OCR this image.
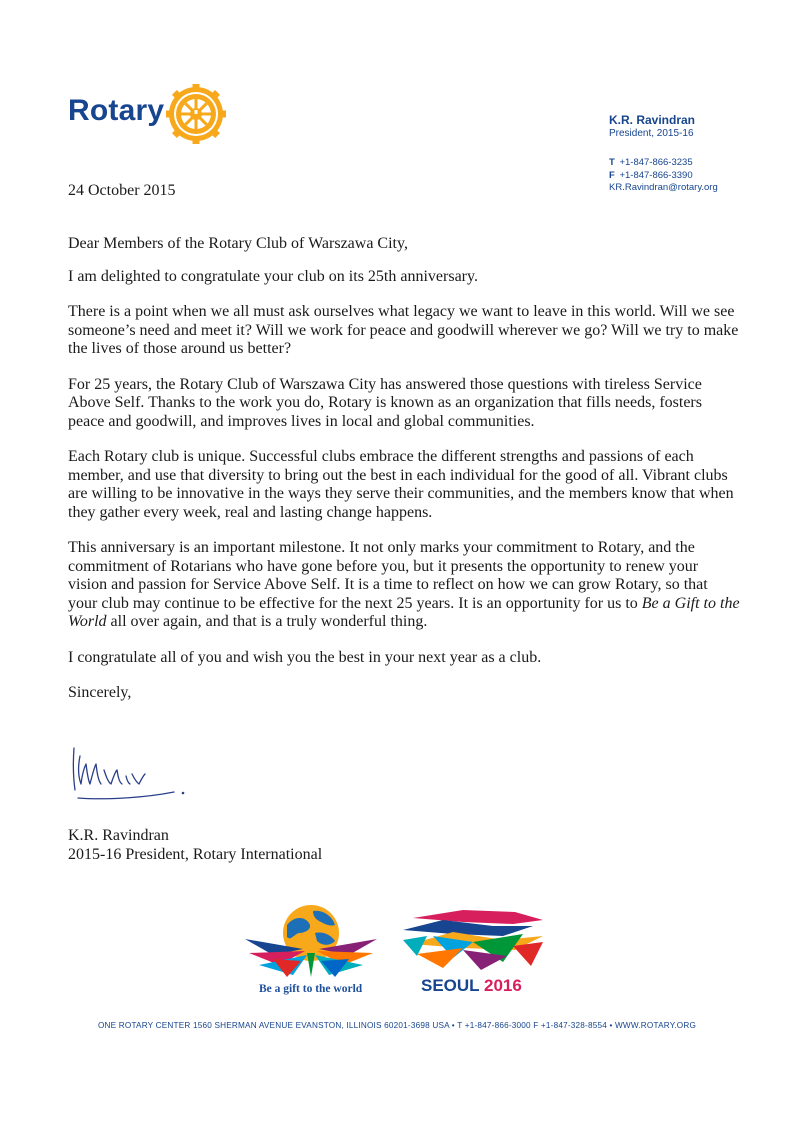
Rotary	K.R. Ravindran
President, 2015-16
T +1-847-866-3235
F +1-847-866-3390
KR.Ravindran@rotary.org
24 October 2015

Dear Members of the Rotary Club of Warszawa City,

I am delighted to congratulate your club on its 25th anniversary.

There is a point when we all must ask ourselves what legacy we want to leave in this world. Will we see someone’s need and meet it? Will we work for peace and goodwill wherever we go? Will we try to make the lives of those around us better?

For 25 years, the Rotary Club of Warszawa City has answered those questions with tireless Service Above Self. Thanks to the work you do, Rotary is known as an organization that fills needs, fosters peace and goodwill, and improves lives in local and global communities.

Each Rotary club is unique. Successful clubs embrace the different strengths and passions of each member, and use that diversity to bring out the best in each individual for the good of all. Vibrant clubs are willing to be innovative in the ways they serve their communities, and the members know that when they gather every week, real and lasting change happens.

This anniversary is an important milestone. It not only marks your commitment to Rotary, and the commitment of Rotarians who have gone before you, but it presents the opportunity to renew your vision and passion for Service Above Self. It is a time to reflect on how we can grow Rotary, so that your club may continue to be effective for the next 25 years. It is an opportunity for us to Be a Gift to the World all over again, and that is a truly wonderful thing.

I congratulate all of you and wish you the best in your next year as a club.

Sincerely,

K.R. Ravindran
2015-16 President, Rotary International
Be a gift to the world	SEOUL 2016
ONE ROTARY CENTER 1560 SHERMAN AVENUE EVANSTON, ILLINOIS 60201-3698 USA • T +1-847-866-3000 F +1-847-328-8554 • WWW.ROTARY.ORG
